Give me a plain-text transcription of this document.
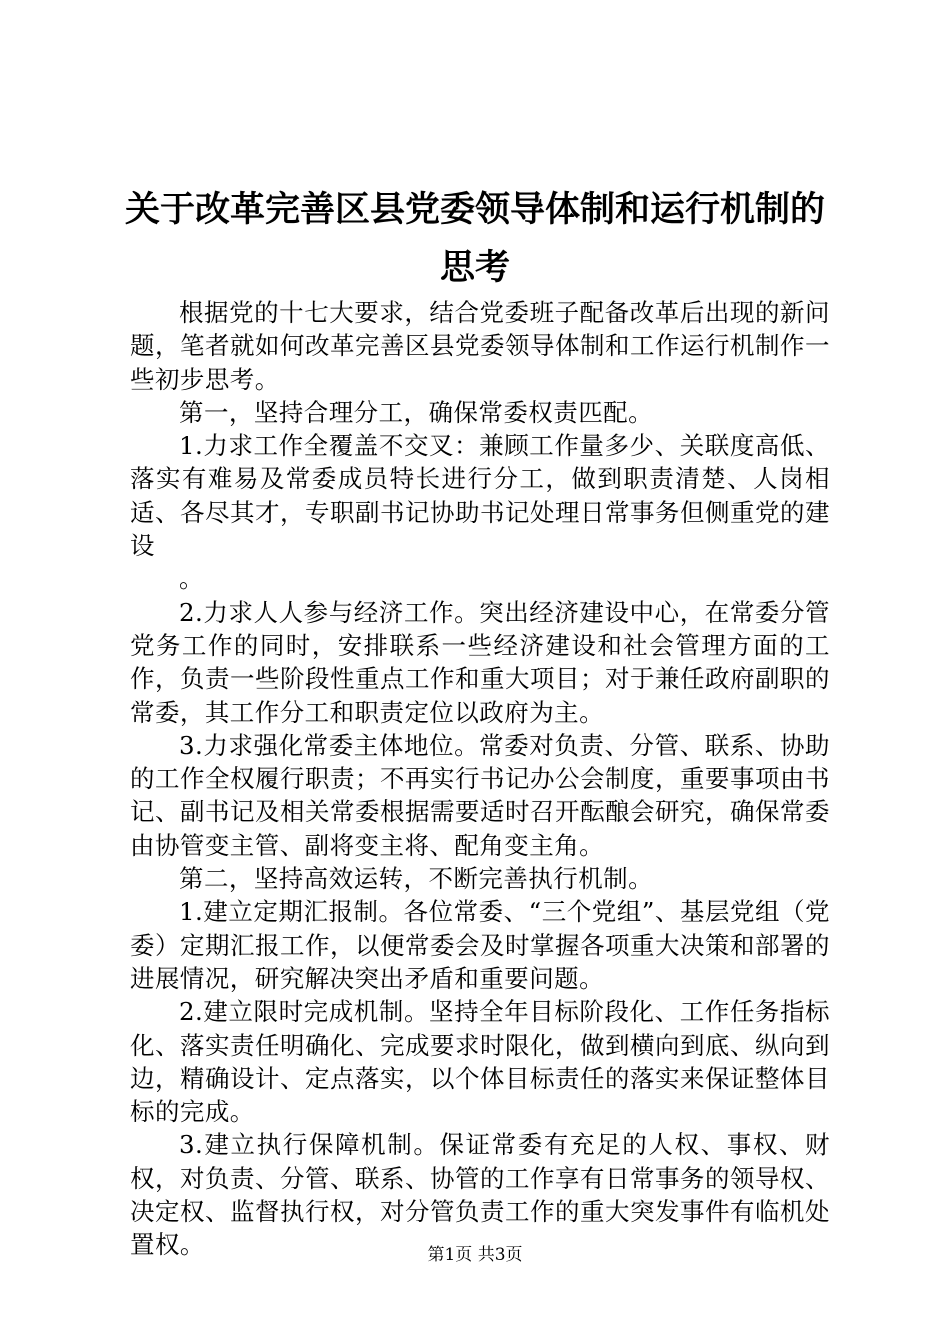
关于改革完善区县党委领导体制和运行机制的
思考

根据党的十七大要求，结合党委班子配备改革后出现的新问题，笔者就如何改革完善区县党委领导体制和工作运行机制作一些初步思考。

第一，坚持合理分工，确保常委权责匹配。

1.力求工作全覆盖不交叉：兼顾工作量多少、关联度高低、落实有难易及常委成员特长进行分工，做到职责清楚、人岗相适、各尽其才，专职副书记协助书记处理日常事务但侧重党的建设

。

2.力求人人参与经济工作。突出经济建设中心，在常委分管党务工作的同时，安排联系一些经济建设和社会管理方面的工作，负责一些阶段性重点工作和重大项目；对于兼任政府副职的常委，其工作分工和职责定位以政府为主。

3.力求强化常委主体地位。常委对负责、分管、联系、协助的工作全权履行职责；不再实行书记办公会制度，重要事项由书记、副书记及相关常委根据需要适时召开酝酿会研究，确保常委由协管变主管、副将变主将、配角变主角。

第二，坚持高效运转，不断完善执行机制。

1.建立定期汇报制。各位常委、“三个党组”、基层党组（党委）定期汇报工作，以便常委会及时掌握各项重大决策和部署的进展情况，研究解决突出矛盾和重要问题。

2.建立限时完成机制。坚持全年目标阶段化、工作任务指标化、落实责任明确化、完成要求时限化，做到横向到底、纵向到边，精确设计、定点落实，以个体目标责任的落实来保证整体目标的完成。

3.建立执行保障机制。保证常委有充足的人权、事权、财权，对负责、分管、联系、协管的工作享有日常事务的领导权、决定权、监督执行权，对分管负责工作的重大突发事件有临机处置权。	第1页 共3页
